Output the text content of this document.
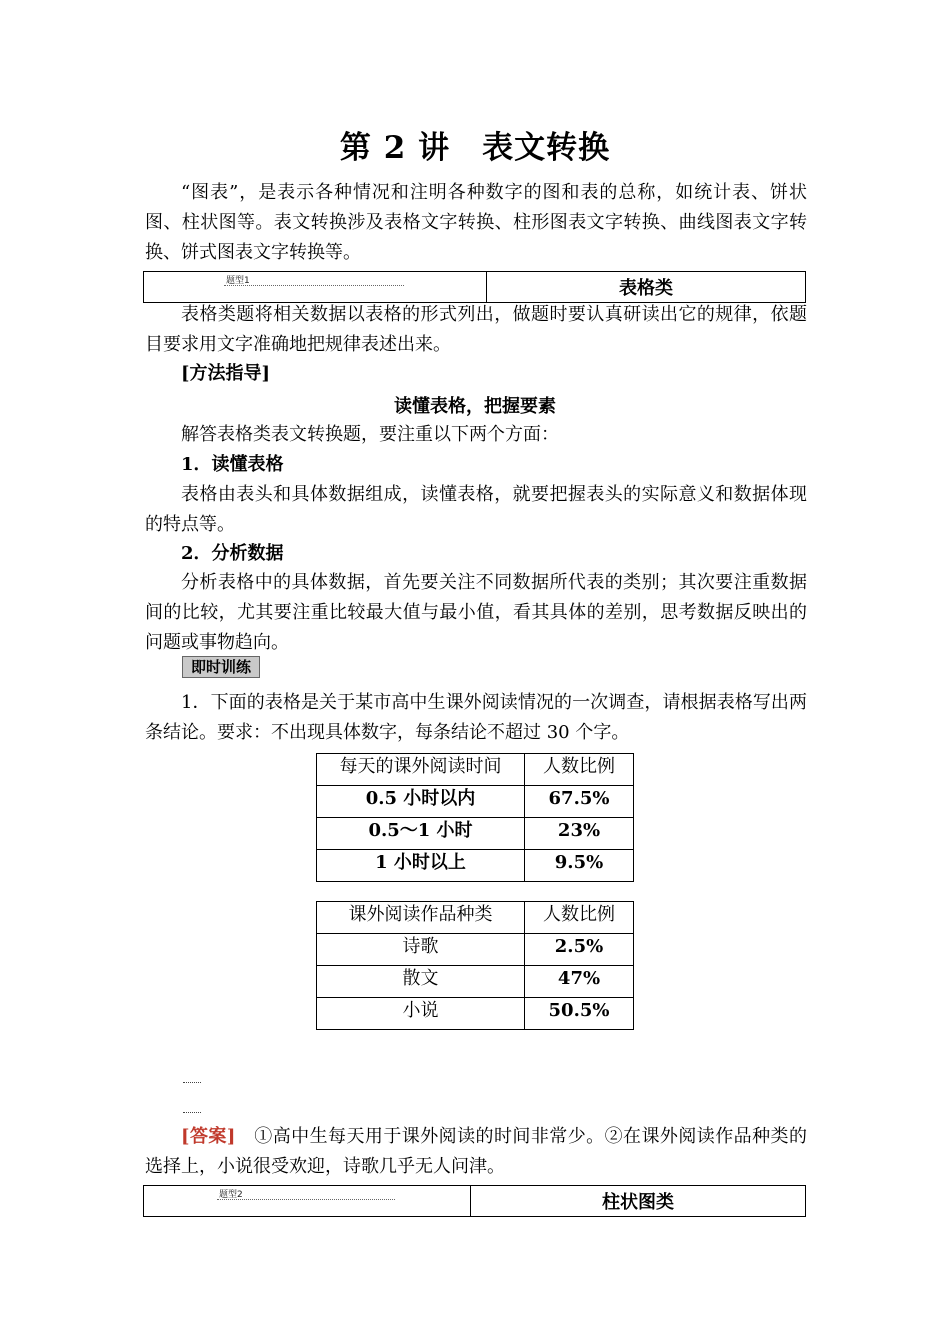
第 2 讲　表文转换
“图表”，是表示各种情况和注明各种数字的图和表的总称，如统计表、饼状图、柱状图等。表文转换涉及表格文字转换、柱形图表文字转换、曲线图表文字转换、饼式图表文字转换等。
题型1	表格类
表格类题将相关数据以表格的形式列出，做题时要认真研读出它的规律，依题目要求用文字准确地把规律表述出来。
[方法指导]
读懂表格，把握要素
解答表格类表文转换题，要注重以下两个方面：
1．读懂表格
表格由表头和具体数据组成，读懂表格，就要把握表头的实际意义和数据体现的特点等。
2．分析数据
分析表格中的具体数据，首先要关注不同数据所代表的类别；其次要注重数据间的比较，尤其要注重比较最大值与最小值，看其具体的差别，思考数据反映出的问题或事物趋向。
即时训练
1．下面的表格是关于某市高中生课外阅读情况的一次调查，请根据表格写出两条结论。要求：不出现具体数字，每条结论不超过 30 个字。
每天的课外阅读时间	人数比例
0.5 小时以内	67.5%
0.5～1 小时	23%
1 小时以上	9.5%
课外阅读作品种类	人数比例
诗歌	2.5%
散文	47%
小说	50.5%
[答案]　 ①高中生每天用于课外阅读的时间非常少。②在课外阅读作品种类的选择上，小说很受欢迎，诗歌几乎无人问津。
题型2	柱状图类
